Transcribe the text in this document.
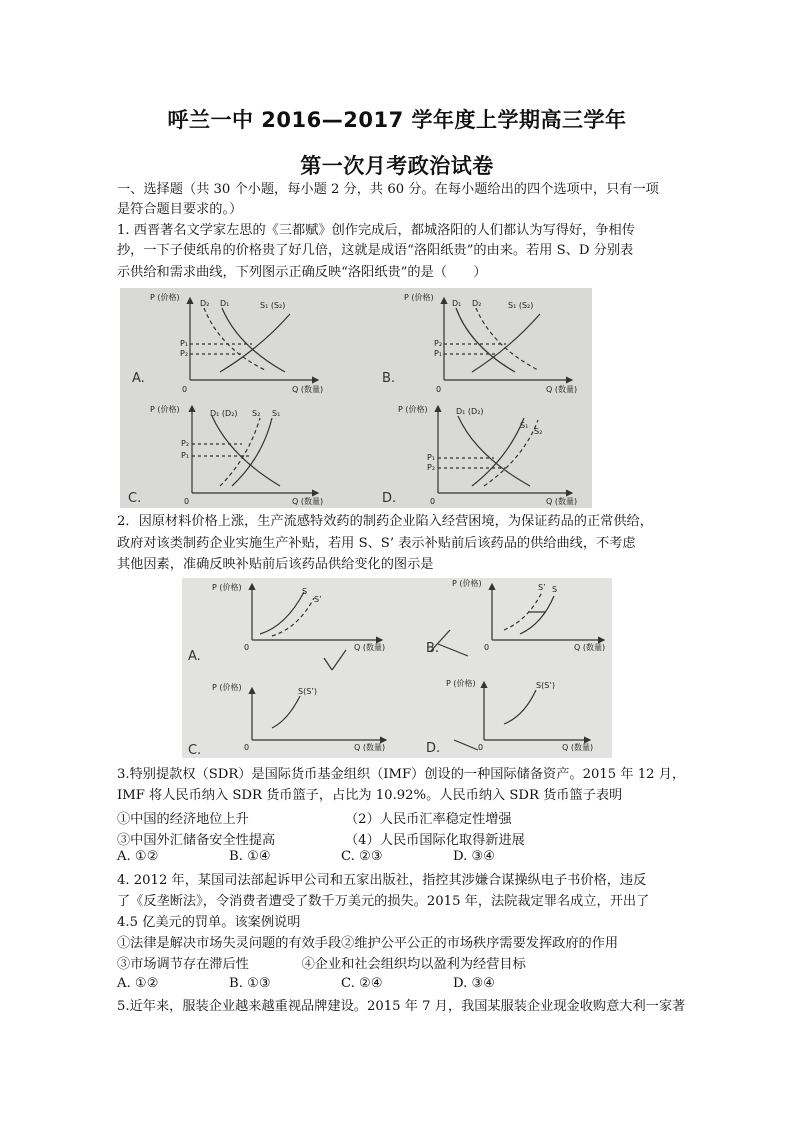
呼兰一中 2016—2017 学年度上学期高三学年
第一次月考政治试卷
一、选择题（共 30 个小题，每小题 2 分，共 60 分。在每小题给出的四个选项中，只有一项
是符合题目要求的。）
1. 西晋著名文学家左思的《三都赋》创作完成后，都城洛阳的人们都认为写得好，争相传
抄，一下子使纸帛的价格贵了好几倍，这就是成语“洛阳纸贵”的由来。若用 S、D 分别表
示供给和需求曲线，下列图示正确反映“洛阳纸贵”的是（　　）
P (价格)
Q (数量)
0
D₂ D₁	S₁ (S₂)
P₁
P₂
P (价格)
Q (数量)
0
D₁ D₂	S₁ (S₂)
P₂
P₁
P (价格)
Q (数量)
0
D₁ (D₂) S₂ S₁
P₂
P₁
P (价格)
Q (数量)
0
D₁ (D₂)
S₁
S₂
P₁
P₂
A.	B.
C.	D.
2．因原材料价格上涨，生产流感特效药的制药企业陷入经营困境，为保证药品的正常供给，
政府对该类制药企业实施生产补贴，若用 S、S’ 表示补贴前后该药品的供给曲线，不考虑
其他因素，准确反映补贴前后该药品供给变化的图示是
P (价格)
Q (数量)
0
S
S’
P (价格)
Q (数量)
0
S’ S
P (价格)
Q (数量)
0
S(S’)
P (价格)
Q (数量)
0
S(S’)
A.
B.
C.	D.
3.特别提款权（SDR）是国际货币基金组织（IMF）创设的一种国际储备资产。2015 年 12 月，
IMF 将人民币纳入 SDR 货币篮子，占比为 10.92%。人民币纳入 SDR 货币篮子表明
①中国的经济地位上升	（2）人民币汇率稳定性增强
③中国外汇储备安全性提高	（4）人民币国际化取得新进展
A. ①②	B. ①④	C. ②③	D. ③④
4. 2012 年，某国司法部起诉甲公司和五家出版社，指控其涉嫌合谋操纵电子书价格，违反
了《反垄断法》，令消费者遭受了数千万美元的损失。2015 年，法院裁定罪名成立，开出了
4.5 亿美元的罚单。该案例说明
①法律是解决市场失灵问题的有效手段②维护公平公正的市场秩序需要发挥政府的作用
③市场调节存在滞后性　　　　④企业和社会组织均以盈利为经营目标
A. ①②	B. ①③	C. ②④	D. ③④
5.近年来，服装企业越来越重视品牌建设。2015 年 7 月，我国某服装企业现金收购意大利一家著
